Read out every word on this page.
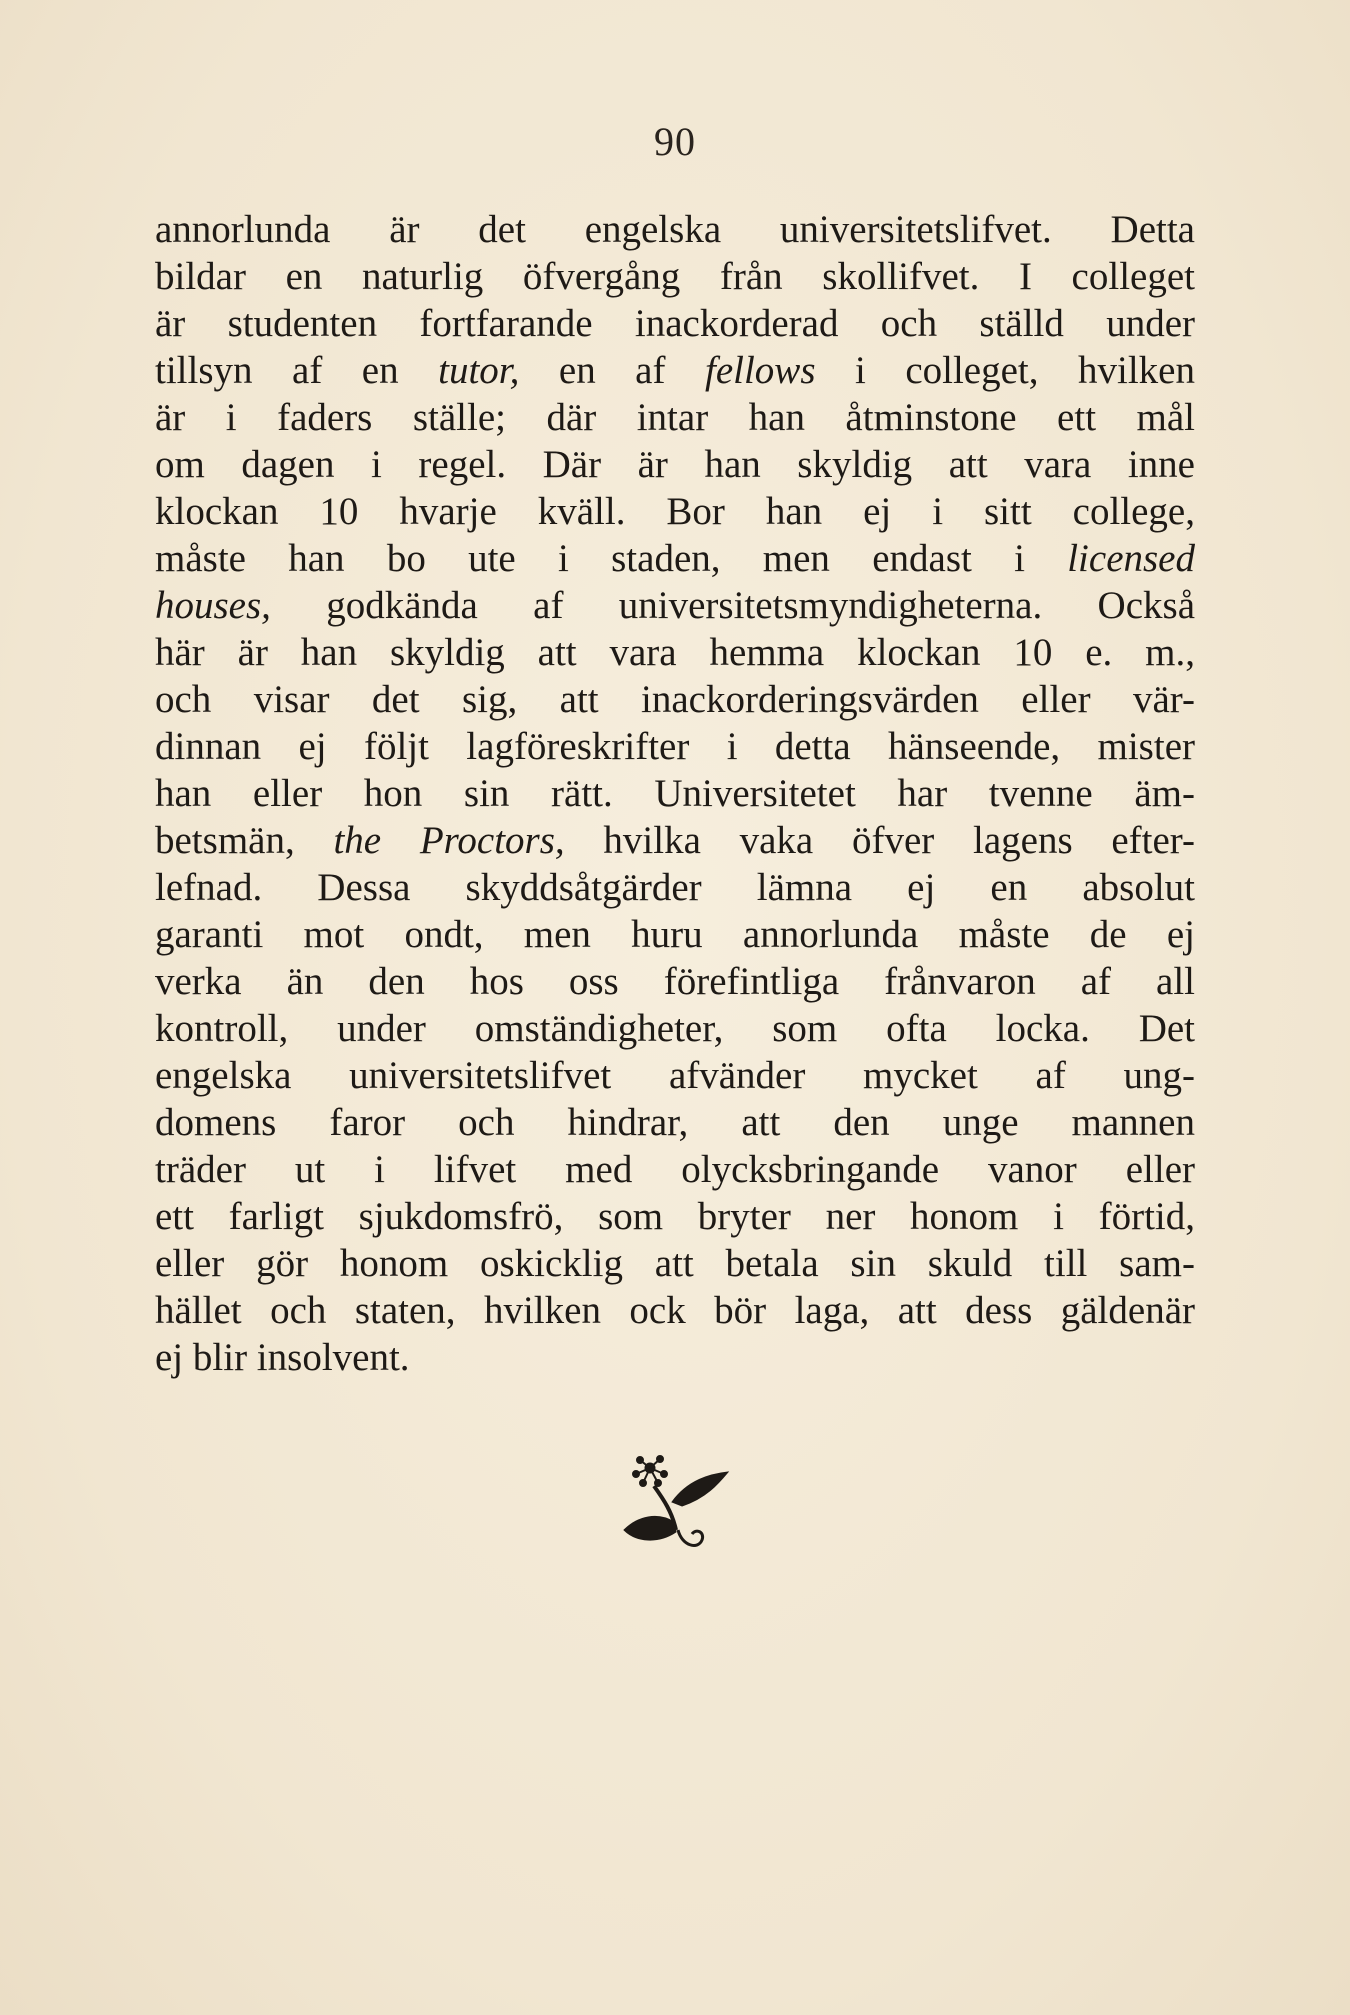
90
annorlunda är det engelska universitetslifvet. Detta
bildar en naturlig öfvergång från skollifvet. I colleget
är studenten fortfarande inackorderad och ställd under
tillsyn af en tutor, en af fellows i colleget, hvilken
är i faders ställe; där intar han åtminstone ett mål
om dagen i regel. Där är han skyldig att vara inne
klockan 10 hvarje kväll. Bor han ej i sitt college,
måste han bo ute i staden, men endast i licensed
houses, godkända af universitetsmyndigheterna. Också
här är han skyldig att vara hemma klockan 10 e. m.,
och visar det sig, att inackorderingsvärden eller vär-
dinnan ej följt lagföreskrifter i detta hänseende, mister
han eller hon sin rätt. Universitetet har tvenne äm-
betsmän, the Proctors, hvilka vaka öfver lagens efter-
lefnad. Dessa skyddsåtgärder lämna ej en absolut
garanti mot ondt, men huru annorlunda måste de ej
verka än den hos oss förefintliga frånvaron af all
kontroll, under omständigheter, som ofta locka. Det
engelska universitetslifvet afvänder mycket af ung-
domens faror och hindrar, att den unge mannen
träder ut i lifvet med olycksbringande vanor eller
ett farligt sjukdomsfrö, som bryter ner honom i förtid,
eller gör honom oskicklig att betala sin skuld till sam-
hället och staten, hvilken ock bör laga, att dess gäldenär
ej blir insolvent.
